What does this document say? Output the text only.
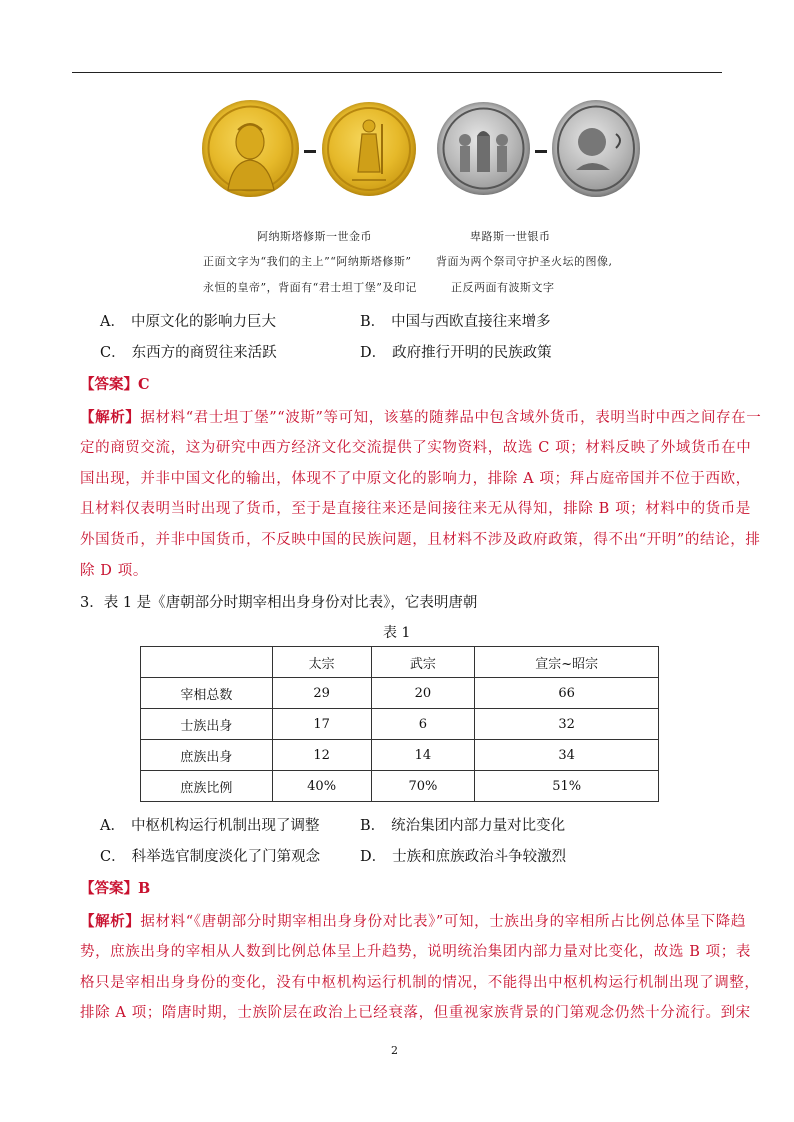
阿纳斯塔修斯一世金币	卑路斯一世银币
正面文字为“我们的主上”“阿纳斯塔修斯” 背面为两个祭司守护圣火坛的图像,
永恒的皇帝”，背面有“君士坦丁堡”及印记	正反两面有波斯文字
A． 中原文化的影响力巨大	B． 中国与西欧直接往来增多
C． 东西方的商贸往来活跃	D． 政府推行开明的民族政策
【答案】C
【解析】据材料“君士坦丁堡”“波斯”等可知，该墓的随葬品中包含域外货币，表明当时中西之间存在一
定的商贸交流，这为研究中西方经济文化交流提供了实物资料，故选 C 项；材料反映了外域货币在中
国出现，并非中国文化的输出，体现不了中原文化的影响力，排除 A 项；拜占庭帝国并不位于西欧，
且材料仅表明当时出现了货币，至于是直接往来还是间接往来无从得知，排除 B 项；材料中的货币是
外国货币，并非中国货币，不反映中国的民族问题，且材料不涉及政府政策，得不出“开明”的结论，排
除 D 项。
3．表 1 是《唐朝部分时期宰相出身身份对比表》，它表明唐朝
表 1
	太宗	武宗	宣宗~昭宗
宰相总数	29	20	66
士族出身	17	6	32
庶族出身	12	14	34
庶族比例	40%	70%	51%
A． 中枢机构运行机制出现了调整	B． 统治集团内部力量对比变化
C． 科举选官制度淡化了门第观念	D． 士族和庶族政治斗争较激烈
【答案】B
【解析】据材料“《唐朝部分时期宰相出身身份对比表》”可知，士族出身的宰相所占比例总体呈下降趋
势，庶族出身的宰相从人数到比例总体呈上升趋势，说明统治集团内部力量对比变化，故选 B 项；表
格只是宰相出身身份的变化，没有中枢机构运行机制的情况，不能得出中枢机构运行机制出现了调整，
排除 A 项；隋唐时期，士族阶层在政治上已经衰落，但重视家族背景的门第观念仍然十分流行。到宋
2
